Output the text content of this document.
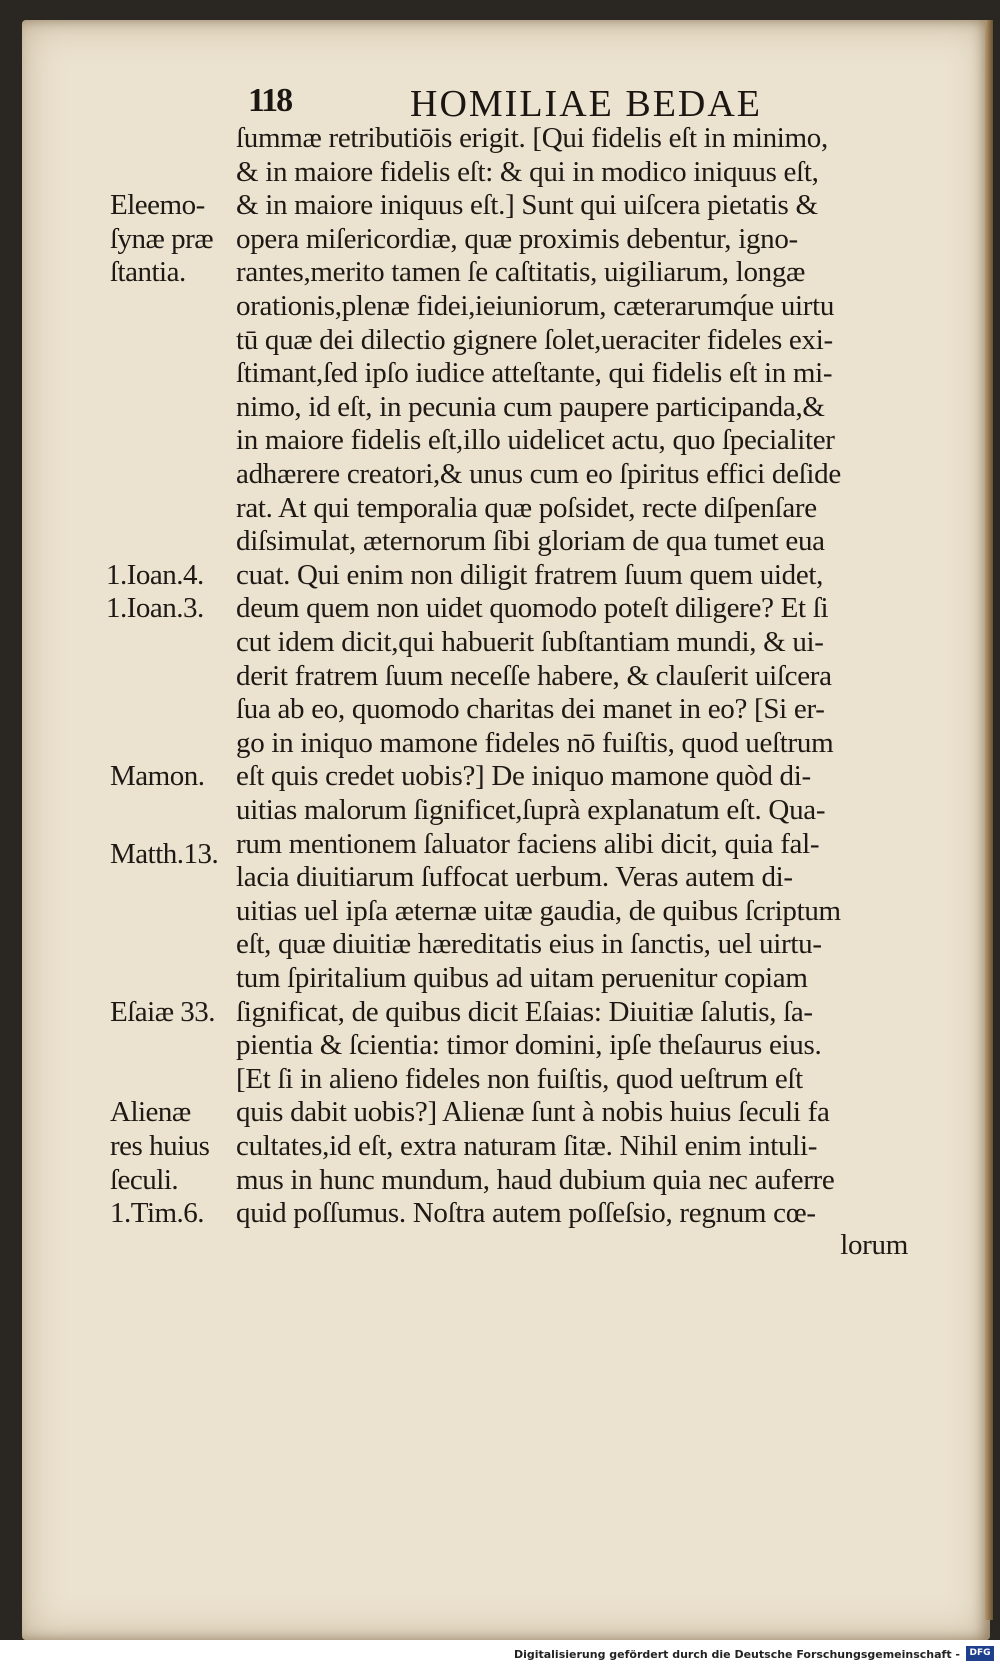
118	HOMILIAE BEDAE
ſummæ retributiōis erigit. [Qui fidelis eſt in minimo,
& in maiore fidelis eſt: & qui in modico iniquus eſt,
& in maiore iniquus eſt.] Sunt qui uiſcera pietatis &
opera miſericordiæ, quæ proximis debentur, igno-
rantes,merito tamen ſe caſtitatis, uigiliarum, longæ
orationis,plenæ fidei,ieiuniorum, cæterarumq́ue uirtu
tū quæ dei dilectio gignere ſolet,ueraciter fideles exi-
ſtimant,ſed ipſo iudice atteſtante, qui fidelis eſt in mi-
nimo, id eſt, in pecunia cum paupere participanda,&
in maiore fidelis eſt,illo uidelicet actu, quo ſpecialiter
adhærere creatori,& unus cum eo ſpiritus effici deſide
rat. At qui temporalia quæ poſsidet, recte diſpenſare
diſsimulat, æternorum ſibi gloriam de qua tumet eua
cuat. Qui enim non diligit fratrem ſuum quem uidet,
deum quem non uidet quomodo poteſt diligere? Et ſi
cut idem dicit,qui habuerit ſubſtantiam mundi, & ui-
derit fratrem ſuum neceſſe habere, & clauſerit uiſcera
ſua ab eo, quomodo charitas dei manet in eo? [Si er-
go in iniquo mamone fideles nō fuiſtis, quod ueſtrum
eſt quis credet uobis?] De iniquo mamone quòd di-
uitias malorum ſignificet,ſuprà explanatum eſt. Qua-
rum mentionem ſaluator faciens alibi dicit, quia fal-
lacia diuitiarum ſuffocat uerbum. Veras autem di-
uitias uel ipſa æternæ uitæ gaudia, de quibus ſcriptum
eſt, quæ diuitiæ hæreditatis eius in ſanctis, uel uirtu-
tum ſpiritalium quibus ad uitam peruenitur copiam
ſignificat, de quibus dicit Eſaias: Diuitiæ ſalutis, ſa-
pientia & ſcientia: timor domini, ipſe theſaurus eius.
[Et ſi in alieno fideles non fuiſtis, quod ueſtrum eſt
quis dabit uobis?] Alienæ ſunt à nobis huius ſeculi fa
cultates,id eſt, extra naturam ſitæ. Nihil enim intuli-
mus in hunc mundum, haud dubium quia nec auferre
quid poſſumus. Noſtra autem poſſeſsio, regnum cœ-
lorum
Eleemo-
ſynæ præ
ſtantia.
1.Ioan.4.
1.Ioan.3.
Mamon.
Matth.13.
Eſaiæ 33.
Alienæ
res huius
ſeculi.
1.Tim.6.
Digitalisierung gefördert durch die Deutsche Forschungsgemeinschaft -	DFG
